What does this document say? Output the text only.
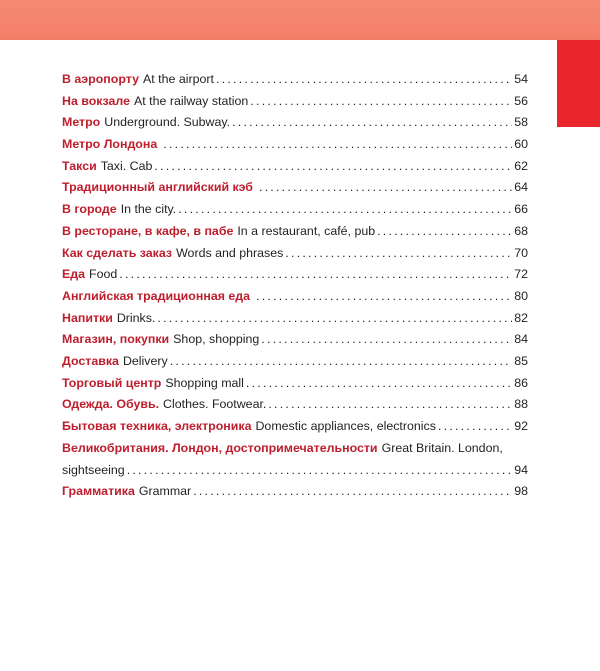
В аэропорту At the airport . . .	54
На вокзале At the railway station . . .	56
Метро Underground. Subway. . . .	58
Метро Лондона . . .	60
Такси Taxi. Cab . . .	62
Традиционный английский кэб . . .	64
В городе In the city. . . .	66
В ресторане, в кафе, в пабе In a restaurant, café, pub . . .	68
Как сделать заказ Words and phrases . . .	70
Еда Food . . .	72
Английская традиционная еда . . .	80
Напитки Drinks. . . .	82
Магазин, покупки Shop, shopping . . .	84
Доставка Delivery . . .	85
Торговый центр Shopping mall . . .	86
Одежда. Обувь. Clothes. Footwear. . . .	88
Бытовая техника, электроника Domestic appliances, electronics . . .	92
Великобритания. Лондон, достопримечательности Great Britain. London,
sightseeing . . .	94
Грамматика Grammar . . .	98
